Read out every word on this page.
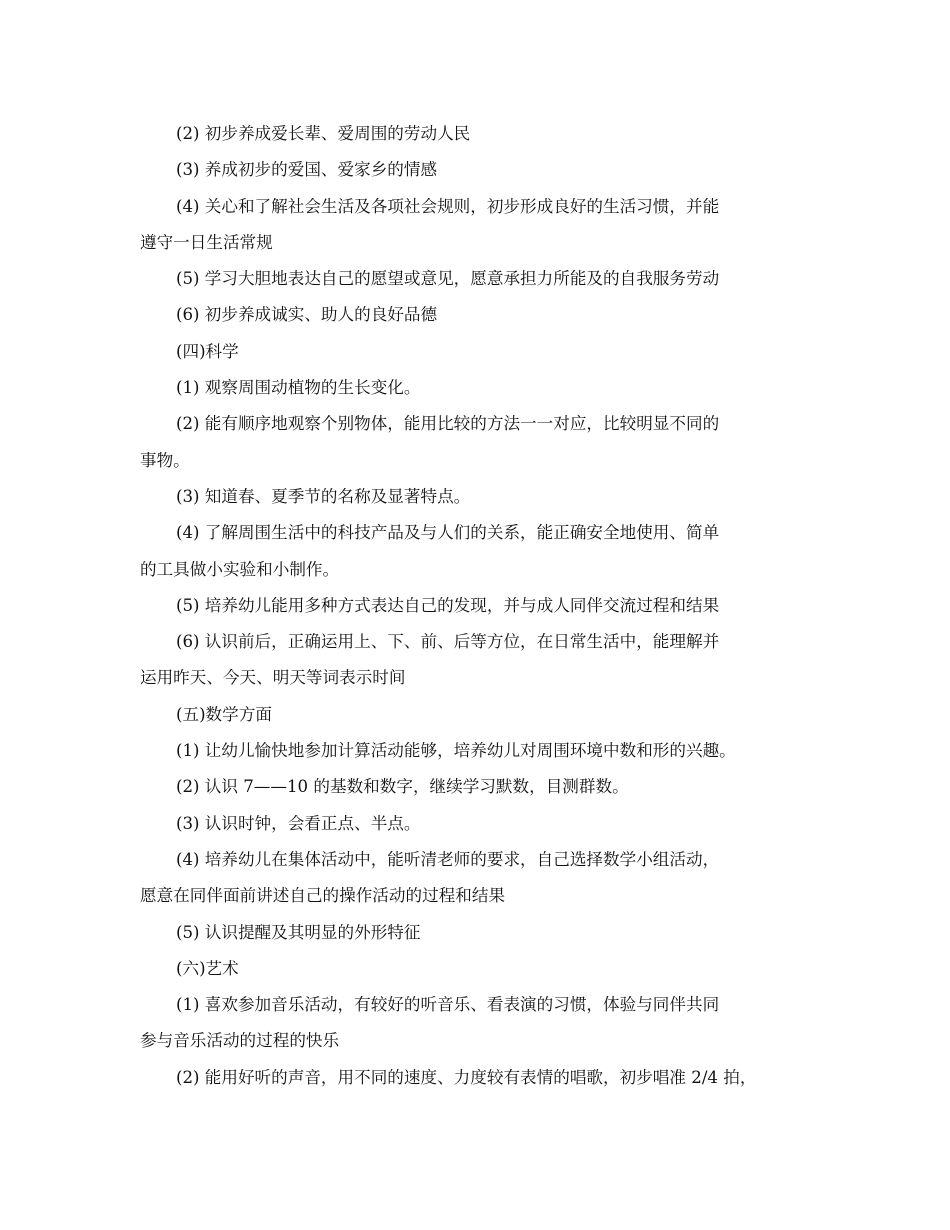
(2) 初步养成爱长辈、爱周围的劳动人民
(3) 养成初步的爱国、爱家乡的情感
(4) 关心和了解社会生活及各项社会规则，初步形成良好的生活习惯，并能
遵守一日生活常规
(5) 学习大胆地表达自己的愿望或意见，愿意承担力所能及的自我服务劳动
(6) 初步养成诚实、助人的良好品德
(四)科学
(1) 观察周围动植物的生长变化。
(2) 能有顺序地观察个别物体，能用比较的方法一一对应，比较明显不同的
事物。
(3) 知道春、夏季节的名称及显著特点。
(4) 了解周围生活中的科技产品及与人们的关系，能正确安全地使用、简单
的工具做小实验和小制作。
(5) 培养幼儿能用多种方式表达自己的发现，并与成人同伴交流过程和结果
(6) 认识前后，正确运用上、下、前、后等方位，在日常生活中，能理解并
运用昨天、今天、明天等词表示时间
(五)数学方面
(1) 让幼儿愉快地参加计算活动能够，培养幼儿对周围环境中数和形的兴趣。
(2) 认识 7——10 的基数和数字，继续学习默数，目测群数。
(3) 认识时钟，会看正点、半点。
(4) 培养幼儿在集体活动中，能听清老师的要求，自己选择数学小组活动，
愿意在同伴面前讲述自己的操作活动的过程和结果
(5) 认识提醒及其明显的外形特征
(六)艺术
(1) 喜欢参加音乐活动，有较好的听音乐、看表演的习惯，体验与同伴共同
参与音乐活动的过程的快乐
(2) 能用好听的声音，用不同的速度、力度较有表情的唱歌，初步唱准 2/4 拍，
